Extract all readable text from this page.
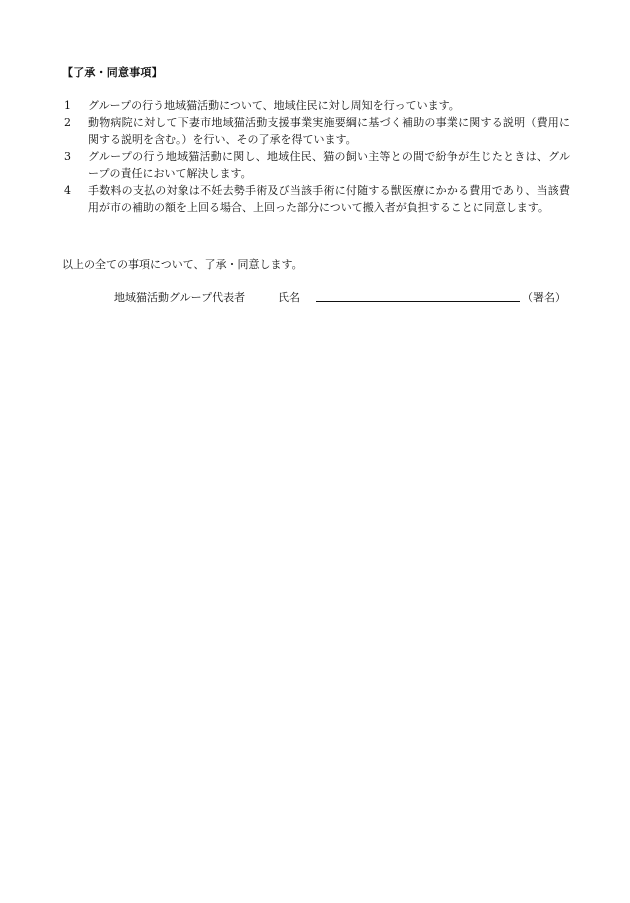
【了承・同意事項】
1	グループの行う地域猫活動について、地域住民に対し周知を行っています。
2	動物病院に対して下妻市地域猫活動支援事業実施要綱に基づく補助の事業に関する説明（費用に関する説明を含む。）を行い、その了承を得ています。
3	グループの行う地域猫活動に関し、地域住民、猫の飼い主等との間で紛争が生じたときは、グループの責任において解決します。
4	手数料の支払の対象は不妊去勢手術及び当該手術に付随する獣医療にかかる費用であり、当該費用が市の補助の額を上回る場合、上回った部分について搬入者が負担することに同意します。
以上の全ての事項について、了承・同意します。
地域猫活動グループ代表者	氏名	（署名）
